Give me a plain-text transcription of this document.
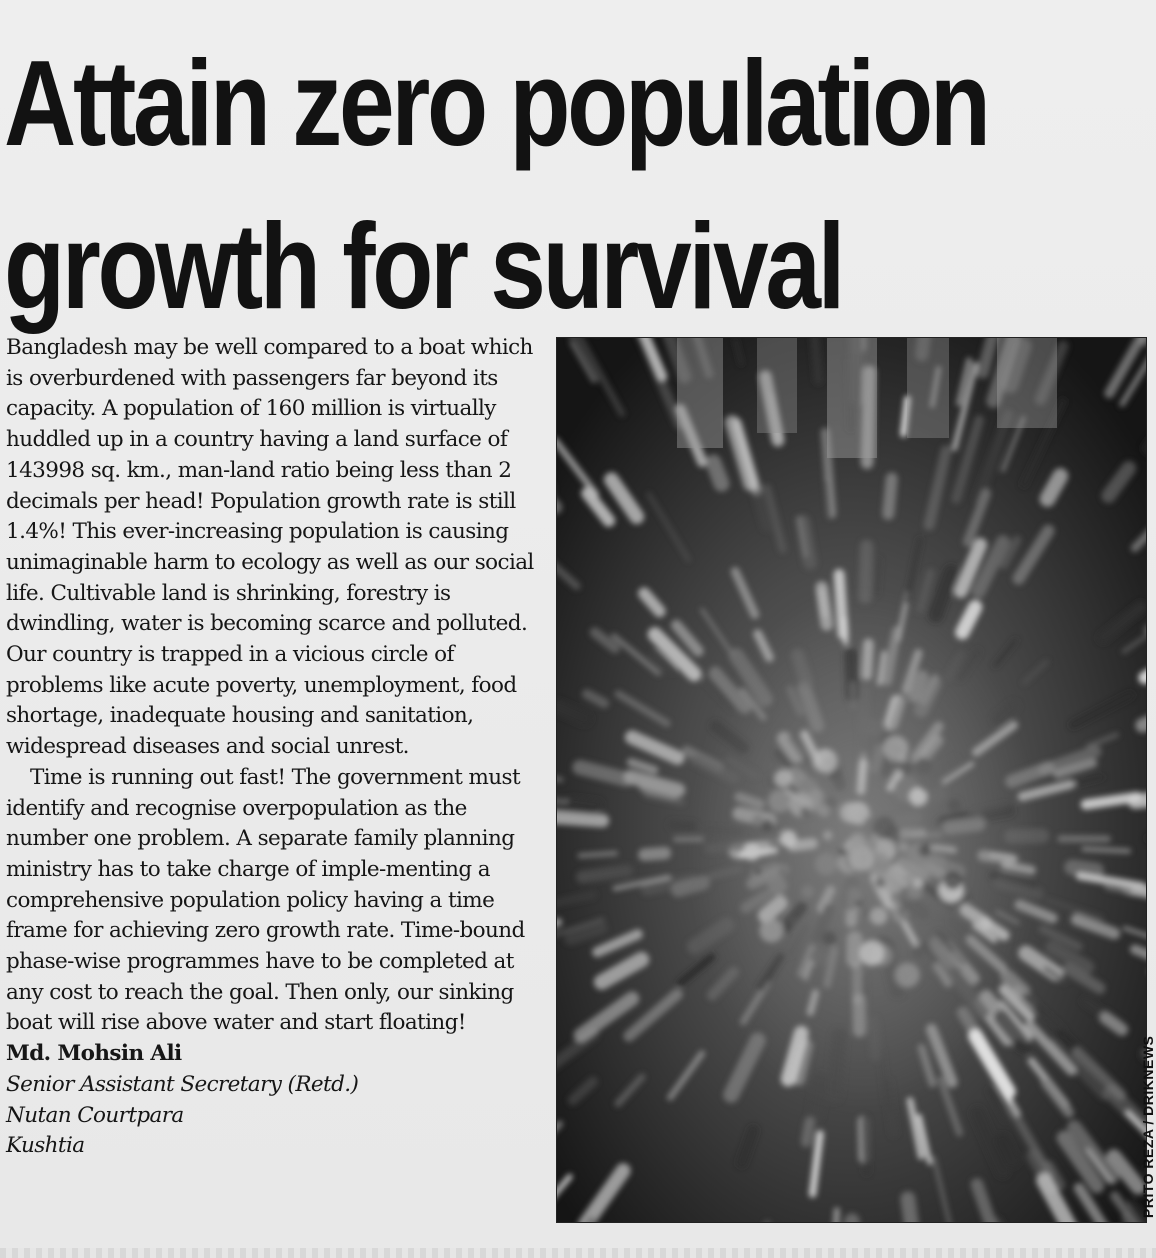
Attain zero population
growth for survival

Bangladesh may be well compared to a boat which is overburdened with passengers far beyond its capacity. A population of 160 million is virtually huddled up in a country having a land surface of 143998 sq. km., man-land ratio being less than 2 decimals per head! Population growth rate is still 1.4%! This ever-increasing population is causing unimaginable harm to ecology as well as our social life. Cultivable land is shrinking, forestry is dwindling, water is becoming scarce and polluted. Our country is trapped in a vicious circle of problems like acute poverty, unemployment, food shortage, inadequate housing and sanitation, widespread diseases and social unrest.

Time is running out fast! The government must identify and recognise overpopulation as the number one problem. A separate family planning ministry has to take charge of imple-menting a comprehensive population policy having a time frame for achieving zero growth rate. Time-bound phase-wise programmes have to be completed at any cost to reach the goal. Then only, our sinking boat will rise above water and start floating!

Md. Mohsin Ali

Senior Assistant Secretary (Retd.)

Nutan Courtpara

Kushtia	PRITO REZA / DRIKNEWS
